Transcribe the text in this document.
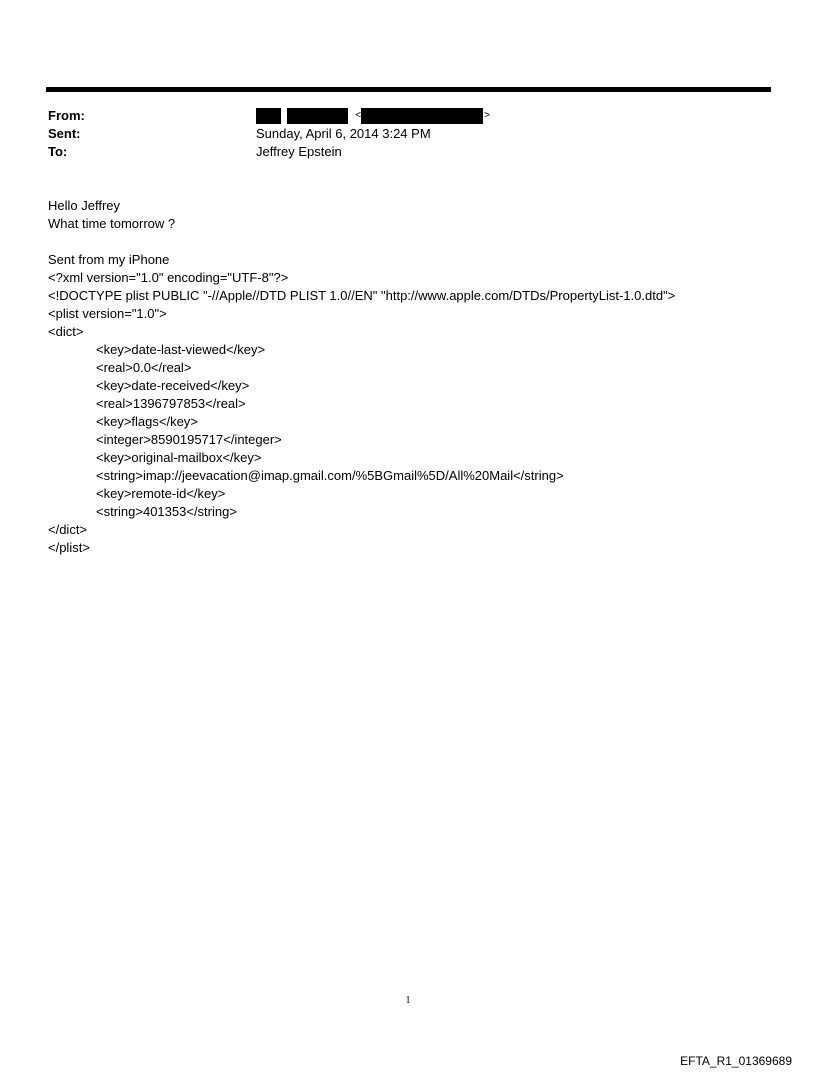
From:	<	>
Sent:	Sunday, April 6, 2014 3:24 PM
To:	Jeffrey Epstein
Hello Jeffrey
What time tomorrow ?
Sent from my iPhone
<?xml version="1.0" encoding="UTF-8"?>
<!DOCTYPE plist PUBLIC "-//Apple//DTD PLIST 1.0//EN" "http://www.apple.com/DTDs/PropertyList-1.0.dtd">
<plist version="1.0">
<dict>
<key>date-last-viewed</key>
<real>0.0</real>
<key>date-received</key>
<real>1396797853</real>
<key>flags</key>
<integer>8590195717</integer>
<key>original-mailbox</key>
<string>imap://jeevacation@imap.gmail.com/%5BGmail%5D/All%20Mail</string>
<key>remote-id</key>
<string>401353</string>
</dict>
</plist>
1
EFTA_R1_01369689
